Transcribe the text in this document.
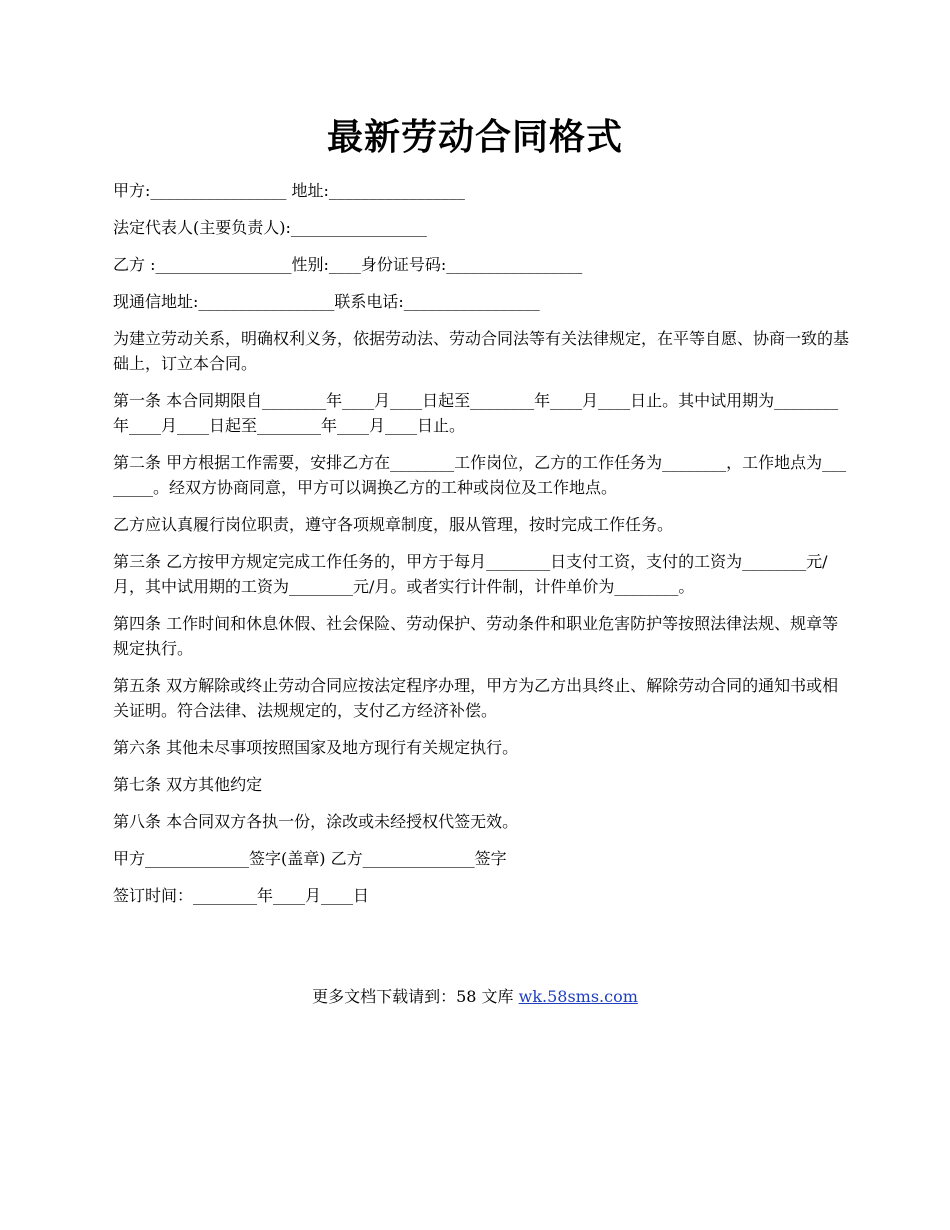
最新劳动合同格式

甲方:_________________ 地址:_________________

法定代表人(主要负责人):_________________

乙方 :_________________性别:____身份证号码:_________________

现通信地址:_________________联系电话:_________________

为建立劳动关系，明确权利义务，依据劳动法、劳动合同法等有关法律规定，在平等自愿、协商一致的基础上，订立本合同。

第一条 本合同期限自________年____月____日起至________年____月____日止。其中试用期为________年____月____日起至________年____月____日止。

第二条 甲方根据工作需要，安排乙方在________工作岗位，乙方的工作任务为________，工作地点为________。经双方协商同意，甲方可以调换乙方的工种或岗位及工作地点。

乙方应认真履行岗位职责，遵守各项规章制度，服从管理，按时完成工作任务。

第三条 乙方按甲方规定完成工作任务的，甲方于每月________日支付工资，支付的工资为________元/月，其中试用期的工资为________元/月。或者实行计件制，计件单价为________。

第四条 工作时间和休息休假、社会保险、劳动保护、劳动条件和职业危害防护等按照法律法规、规章等规定执行。

第五条 双方解除或终止劳动合同应按法定程序办理，甲方为乙方出具终止、解除劳动合同的通知书或相关证明。符合法律、法规规定的，支付乙方经济补偿。

第六条 其他未尽事项按照国家及地方现行有关规定执行。

第七条 双方其他约定

第八条 本合同双方各执一份，涂改或未经授权代签无效。

甲方_____________签字(盖章) 乙方______________签字

签订时间：________年____月____日

更多文档下载请到：58 文库 wk.58sms.com
